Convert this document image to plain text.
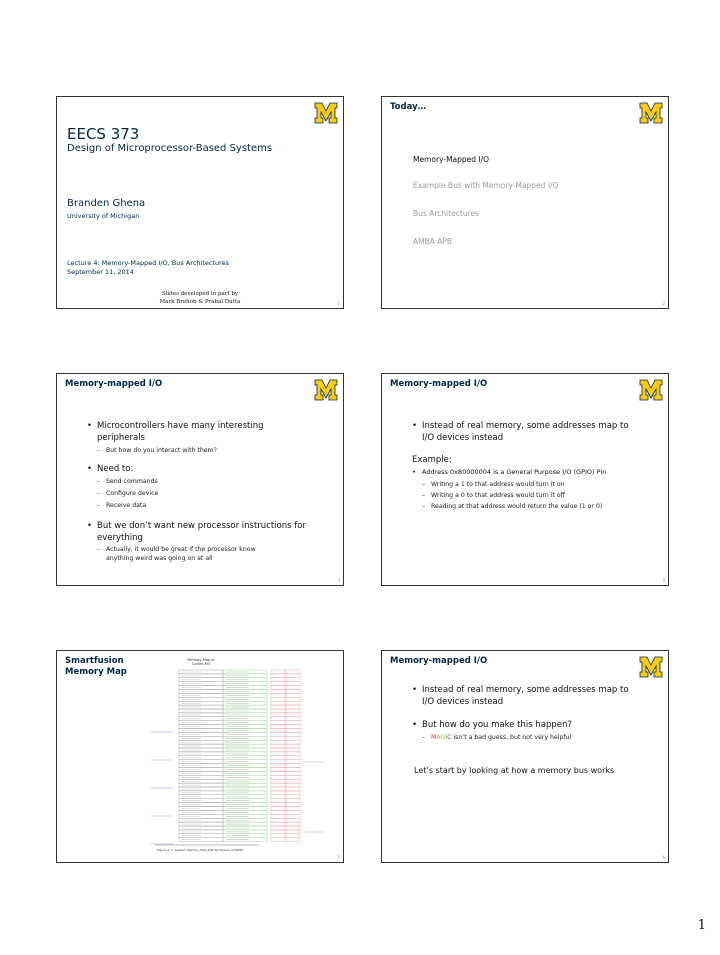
EECS 373
Design of Microprocessor-Based Systems
Branden Ghena
University of Michigan
Lecture 4: Memory-Mapped I/O, Bus Architectures
September 11, 2014
Slides developed in part by
Mark Brehob & Prabal Dutta	1
Today…
Memory-Mapped I/O
Example Bus with Memory-Mapped I/O
Bus Architectures
AMBA APB
2
Memory-mapped I/O
• Microcontrollers have many interesting
peripherals
– But how do you interact with them?
• Need to:
– Send commands
– Configure device
– Receive data
• But we don’t want new processor instructions for
everything
– Actually, it would be great if the processor know
anything weird was going on at all
3
Memory-mapped I/O
• Instead of real memory, some addresses map to
I/O devices instead
Example:
• Address 0x80000004 is a General Purpose I/O (GPIO) Pin
– Writing a 1 to that address would turn it on
– Writing a 0 to that address would turn it off
– Reading at that address would return the value (1 or 0)
4
Smartfusion
Memory Map
Memory Map of
Cortex-M3
Figure 2-1 · System Memory Map with 64 Kbytes of SRAM
5
Memory-mapped I/O
• Instead of real memory, some addresses map to
I/O devices instead
• But how do you make this happen?
– MAGIC isn’t a bad guess, but not very helpful
Let’s start by looking at how a memory bus works
6
1
